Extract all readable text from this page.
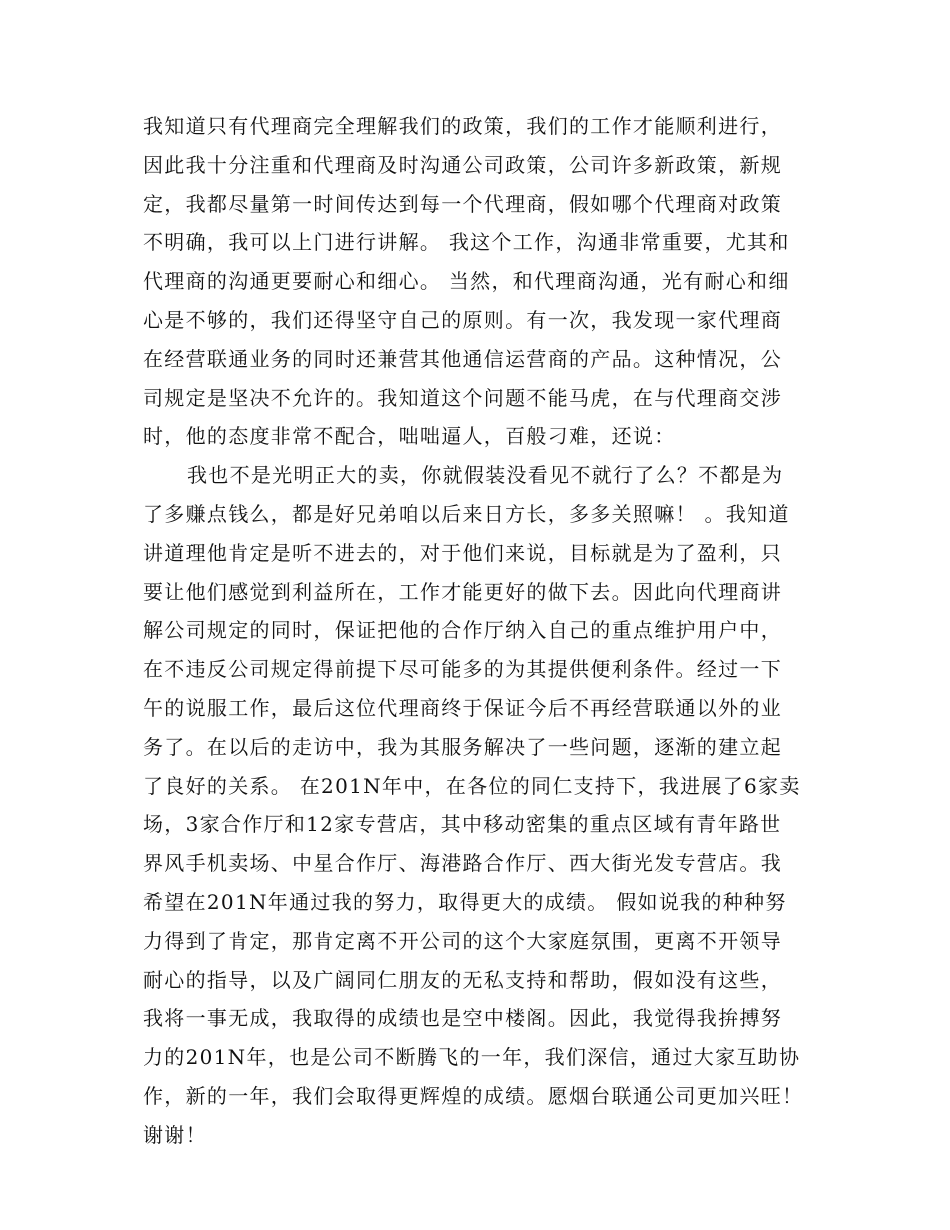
我知道只有代理商完全理解我们的政策，我们的工作才能顺利进行，
因此我十分注重和代理商及时沟通公司政策，公司许多新政策，新规
定，我都尽量第一时间传达到每一个代理商，假如哪个代理商对政策
不明确，我可以上门进行讲解。 我这个工作，沟通非常重要，尤其和
代理商的沟通更要耐心和细心。 当然，和代理商沟通，光有耐心和细
心是不够的，我们还得坚守自己的原则。有一次，我发现一家代理商
在经营联通业务的同时还兼营其他通信运营商的产品。这种情况，公
司规定是坚决不允许的。我知道这个问题不能马虎，在与代理商交涉
时，他的态度非常不配合，咄咄逼人，百般刁难，还说：
我也不是光明正大的卖，你就假装没看见不就行了么？不都是为
了多赚点钱么，都是好兄弟咱以后来日方长，多多关照嘛！ 。我知道
讲道理他肯定是听不进去的，对于他们来说，目标就是为了盈利，只
要让他们感觉到利益所在，工作才能更好的做下去。因此向代理商讲
解公司规定的同时，保证把他的合作厅纳入自己的重点维护用户中，
在不违反公司规定得前提下尽可能多的为其提供便利条件。经过一下
午的说服工作，最后这位代理商终于保证今后不再经营联通以外的业
务了。在以后的走访中，我为其服务解决了一些问题，逐渐的建立起
了良好的关系。 在201N年中，在各位的同仁支持下，我进展了6家卖
场，3家合作厅和12家专营店，其中移动密集的重点区域有青年路世
界风手机卖场、中星合作厅、海港路合作厅、西大街光发专营店。我
希望在201N年通过我的努力，取得更大的成绩。 假如说我的种种努
力得到了肯定，那肯定离不开公司的这个大家庭氛围，更离不开领导
耐心的指导，以及广阔同仁朋友的无私支持和帮助，假如没有这些，
我将一事无成，我取得的成绩也是空中楼阁。因此，我觉得我拚搏努
力的201N年，也是公司不断腾飞的一年，我们深信，通过大家互助协
作，新的一年，我们会取得更辉煌的成绩。愿烟台联通公司更加兴旺！
谢谢！
